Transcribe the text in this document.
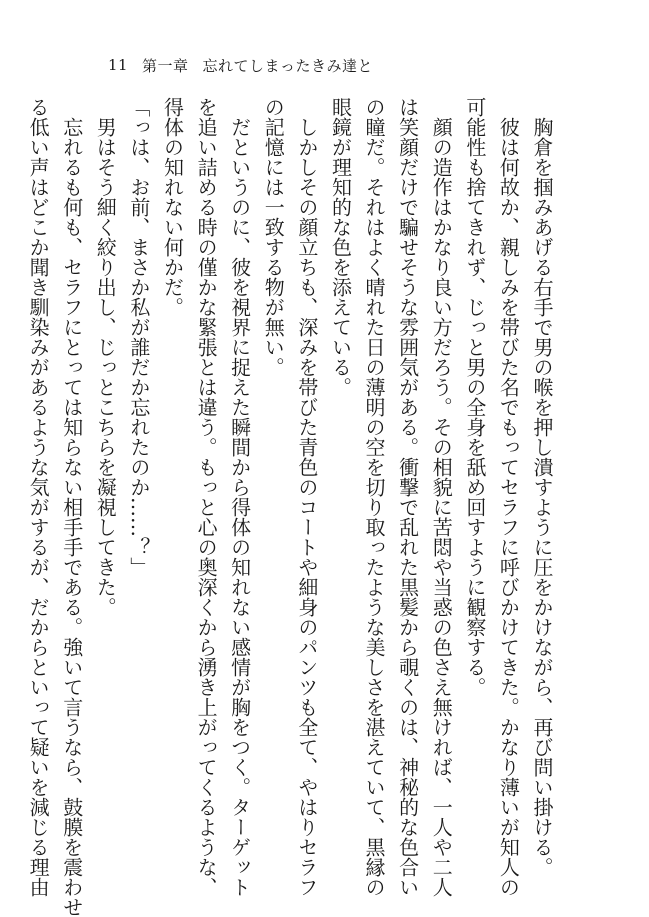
11 第一章 忘れてしまったきみ達と
胸倉を掴みあげる右手で男の喉を押し潰すように圧をかけながら、再び問い掛ける。
彼は何故か、親しみを帯びた名でもってセラフに呼びかけてきた。かなり薄いが知人の
可能性も捨てきれず、じっと男の全身を舐め回すように観察する。
顔の造作はかなり良い方だろう。その相貌に苦悶や当惑の色さえ無ければ、一人や二人
は笑顔だけで騙せそうな雰囲気がある。衝撃で乱れた黒髪から覗くのは、神秘的な色合い
の瞳だ。それはよく晴れた日の薄明の空を切り取ったような美しさを湛えていて、黒縁の
眼鏡が理知的な色を添えている。
しかしその顔立ちも、深みを帯びた青色のコートや細身のパンツも全て、やはりセラフ
の記憶には一致する物が無い。
だというのに、彼を視界に捉えた瞬間から得体の知れない感情が胸をつく。ターゲット
を追い詰める時の僅かな緊張とは違う。もっと心の奥深くから湧き上がってくるような、
得体の知れない何かだ。
「っは、お前、まさか私が誰だか忘れたのか……？」
男はそう細く絞り出し、じっとこちらを凝視してきた。
忘れるも何も、セラフにとっては知らない相手手である。強いて言うなら、鼓膜を震わせ
る低い声はどこか聞き馴染みがあるような気がするが、だからといって疑いを減じる理由
